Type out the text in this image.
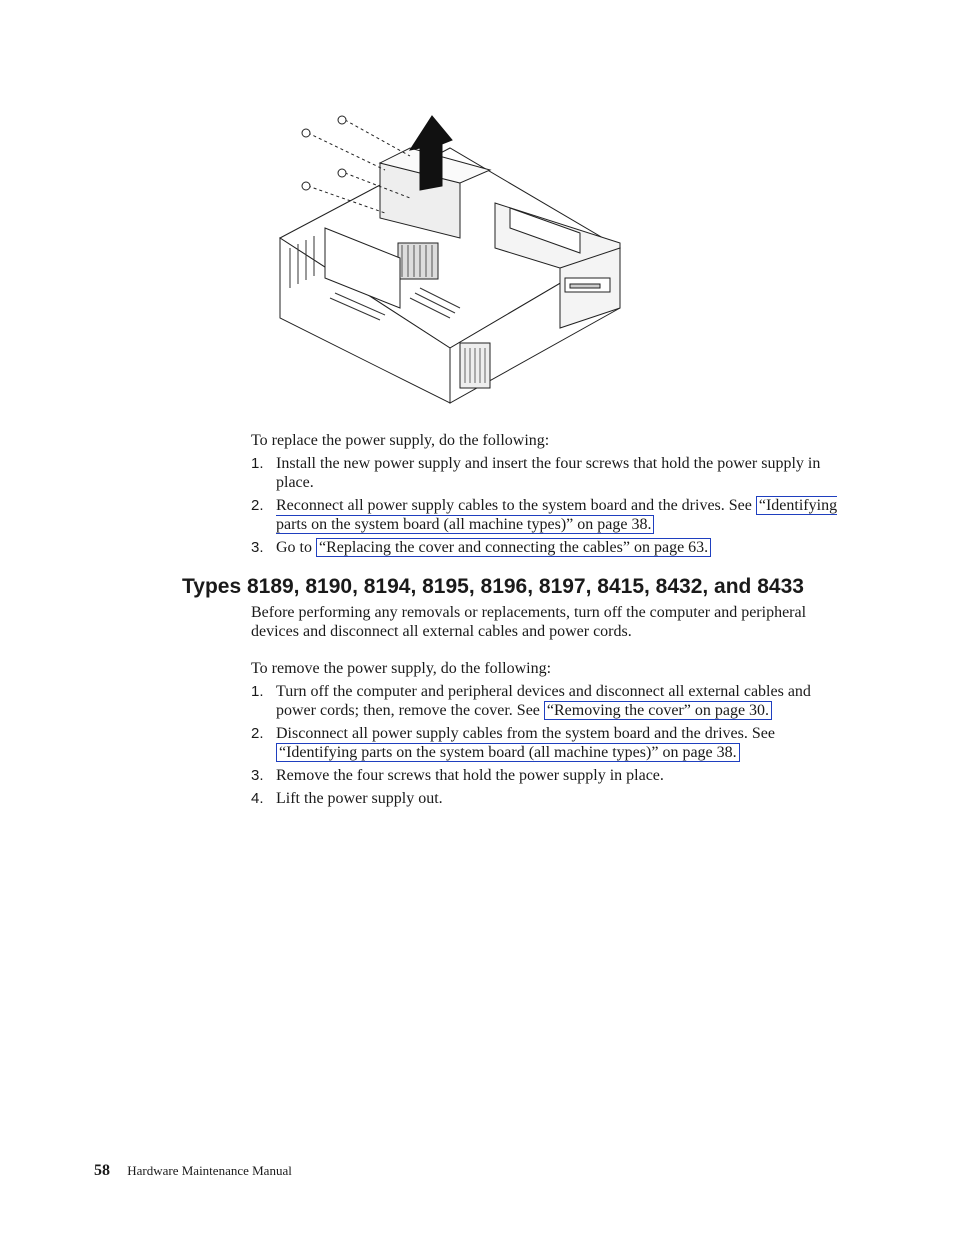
To replace the power supply, do the following:
1. Install the new power supply and insert the four screws that hold the power supply in place.
2. Reconnect all power supply cables to the system board and the drives. See “Identifying parts on the system board (all machine types)” on page 38.
3. Go to “Replacing the cover and connecting the cables” on page 63.
Types 8189, 8190, 8194, 8195, 8196, 8197, 8415, 8432, and 8433

Before performing any removals or replacements, turn off the computer and peripheral devices and disconnect all external cables and power cords.

To remove the power supply, do the following:
1. Turn off the computer and peripheral devices and disconnect all external cables and power cords; then, remove the cover. See “Removing the cover” on page 30.
2. Disconnect all power supply cables from the system board and the drives. See “Identifying parts on the system board (all machine types)” on page 38.
3. Remove the four screws that hold the power supply in place.
4. Lift the power supply out.
58 Hardware Maintenance Manual
